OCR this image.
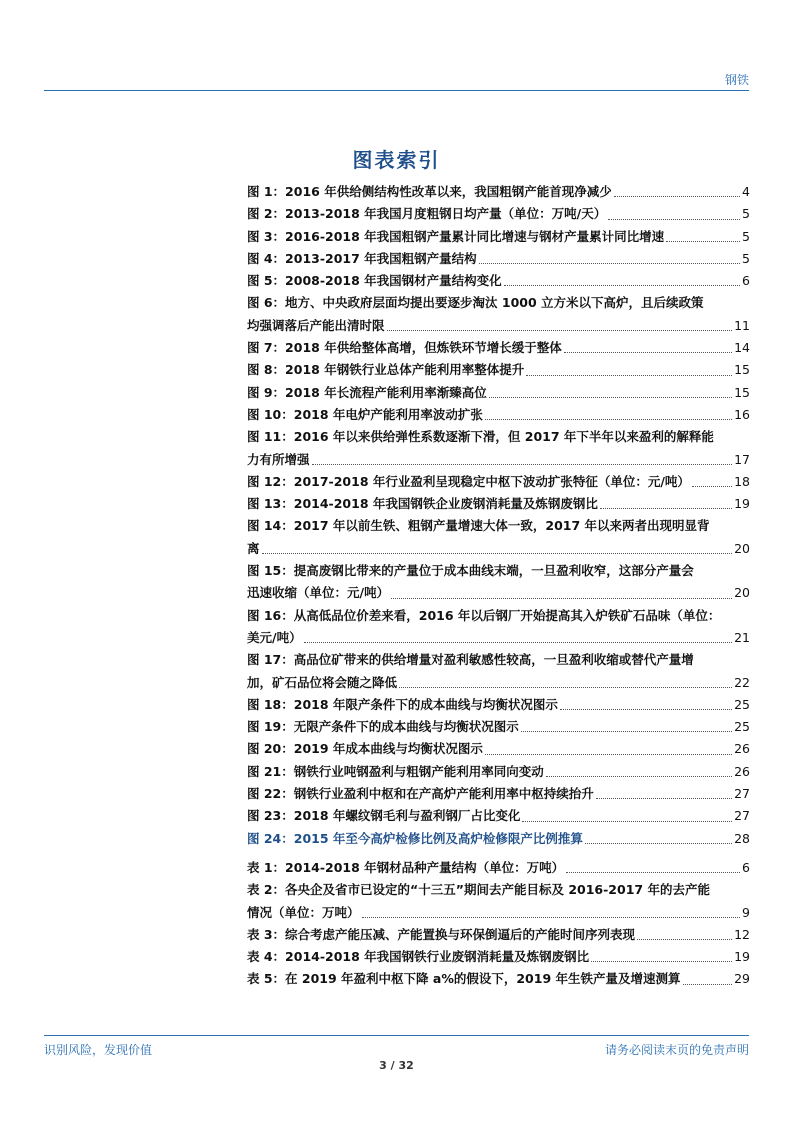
钢铁
图表索引
图 1：2016 年供给侧结构性改革以来，我国粗钢产能首现净减少	4
图 2：2013-2018 年我国月度粗钢日均产量（单位：万吨/天）	5
图 3：2016-2018 年我国粗钢产量累计同比增速与钢材产量累计同比增速	5
图 4：2013-2017 年我国粗钢产量结构	5
图 5：2008-2018 年我国钢材产量结构变化	6
图 6：地方、中央政府层面均提出要逐步淘汰 1000 立方米以下高炉，且后续政策
均强调落后产能出清时限	11
图 7：2018 年供给整体高增，但炼铁环节增长缓于整体	14
图 8：2018 年钢铁行业总体产能利用率整体提升	15
图 9：2018 年长流程产能利用率渐臻高位	15
图 10：2018 年电炉产能利用率波动扩张	16
图 11：2016 年以来供给弹性系数逐渐下滑，但 2017 年下半年以来盈利的解释能
力有所增强	17
图 12：2017-2018 年行业盈利呈现稳定中枢下波动扩张特征（单位：元/吨）	18
图 13：2014-2018 年我国钢铁企业废钢消耗量及炼钢废钢比	19
图 14：2017 年以前生铁、粗钢产量增速大体一致，2017 年以来两者出现明显背
离	20
图 15：提高废钢比带来的产量位于成本曲线末端，一旦盈利收窄，这部分产量会
迅速收缩（单位：元/吨）	20
图 16：从高低品位价差来看，2016 年以后钢厂开始提高其入炉铁矿石品味（单位：
美元/吨）	21
图 17：高品位矿带来的供给增量对盈利敏感性较高，一旦盈利收缩或替代产量增
加，矿石品位将会随之降低	22
图 18：2018 年限产条件下的成本曲线与均衡状况图示	25
图 19：无限产条件下的成本曲线与均衡状况图示	25
图 20：2019 年成本曲线与均衡状况图示	26
图 21：钢铁行业吨钢盈利与粗钢产能利用率同向变动	26
图 22：钢铁行业盈利中枢和在产高炉产能利用率中枢持续抬升	27
图 23：2018 年螺纹钢毛利与盈利钢厂占比变化	27
图 24：2015 年至今高炉检修比例及高炉检修限产比例推算	28
表 1：2014-2018 年钢材品种产量结构（单位：万吨）	6
表 2：各央企及省市已设定的“十三五”期间去产能目标及 2016-2017 年的去产能
情况（单位：万吨）	9
表 3：综合考虑产能压减、产能置换与环保倒逼后的产能时间序列表现	12
表 4：2014-2018 年我国钢铁行业废钢消耗量及炼钢废钢比	19
表 5：在 2019 年盈利中枢下降 a%的假设下，2019 年生铁产量及增速测算	29
识别风险，发现价值	请务必阅读末页的免责声明
3 / 32
